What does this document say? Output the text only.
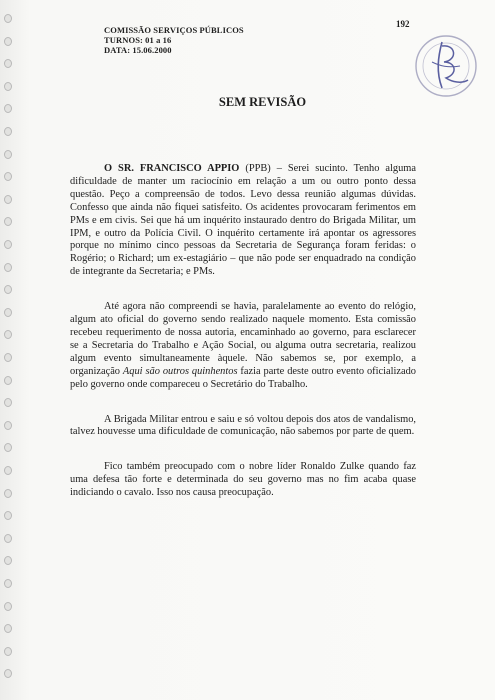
COMISSÃO SERVIÇOS PÚBLICOS
TURNOS: 01 a 16
DATA: 15.06.2000
192
SEM REVISÃO

O SR. FRANCISCO APPIO (PPB) – Serei sucinto. Tenho alguma dificuldade de manter um raciocínio em relação a um ou outro ponto dessa questão. Peço a compreensão de todos. Levo dessa reunião algumas dúvidas. Confesso que ainda não fiquei satisfeito. Os acidentes provocaram ferimentos em PMs e em civis. Sei que há um inquérito instaurado dentro do Brigada Militar, um IPM, e outro da Polícia Civil. O inquérito certamente irá apontar os agressores porque no mínimo cinco pessoas da Secretaria de Segurança foram feridas: o Rogério; o Richard; um ex-estagiário – que não pode ser enquadrado na condição de integrante da Secretaria; e PMs.

Até agora não compreendi se havia, paralelamente ao evento do relógio, algum ato oficial do governo sendo realizado naquele momento. Esta comissão recebeu requerimento de nossa autoria, encaminhado ao governo, para esclarecer se a Secretaria do Trabalho e Ação Social, ou alguma outra secretaria, realizou algum evento simultaneamente àquele. Não sabemos se, por exemplo, a organização Aqui são outros quinhentos fazia parte deste outro evento oficializado pelo governo onde compareceu o Secretário do Trabalho.

A Brigada Militar entrou e saiu e só voltou depois dos atos de vandalismo, talvez houvesse uma dificuldade de comunicação, não sabemos por parte de quem.

Fico também preocupado com o nobre líder Ronaldo Zulke quando faz uma defesa tão forte e determinada do seu governo mas no fim acaba quase indiciando o cavalo. Isso nos causa preocupação.
